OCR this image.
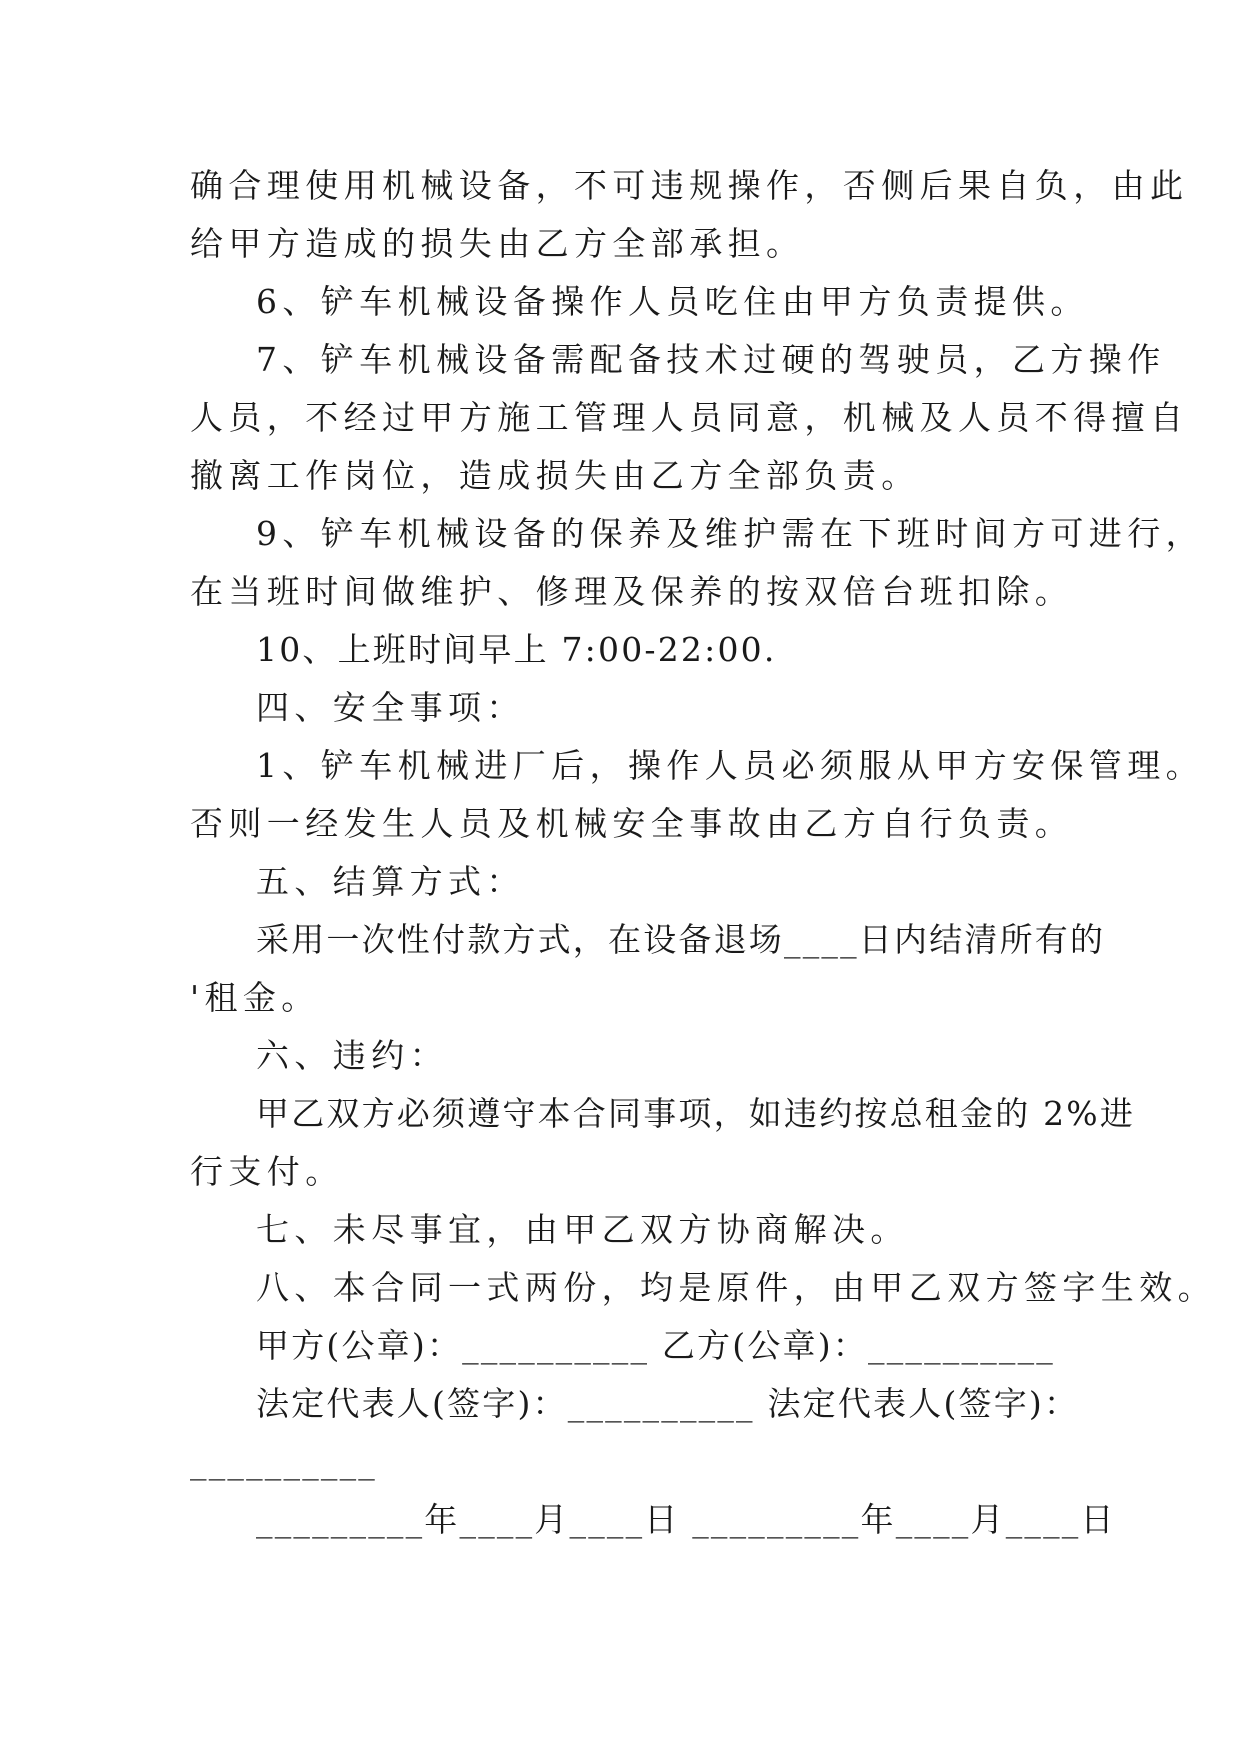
确合理使用机械设备，不可违规操作，否侧后果自负，由此
给甲方造成的损失由乙方全部承担。
6、铲车机械设备操作人员吃住由甲方负责提供。
7、铲车机械设备需配备技术过硬的驾驶员，乙方操作
人员，不经过甲方施工管理人员同意，机械及人员不得擅自
撤离工作岗位，造成损失由乙方全部负责。
9、铲车机械设备的保养及维护需在下班时间方可进行，
在当班时间做维护、修理及保养的按双倍台班扣除。
10、上班时间早上 7:00-22:00.
四、安全事项：
1、铲车机械进厂后，操作人员必须服从甲方安保管理。
否则一经发生人员及机械安全事故由乙方自行负责。
五、结算方式：
采用一次性付款方式，在设备退场____日内结清所有的
'租金。
六、违约：
甲乙双方必须遵守本合同事项，如违约按总租金的 2%进
行支付。
七、未尽事宜，由甲乙双方协商解决。
八、本合同一式两份，均是原件，由甲乙双方签字生效。
甲方(公章)：__________ 乙方(公章)：__________
法定代表人(签字)：__________ 法定代表人(签字)：
__________
_________年____月____日 _________年____月____日
